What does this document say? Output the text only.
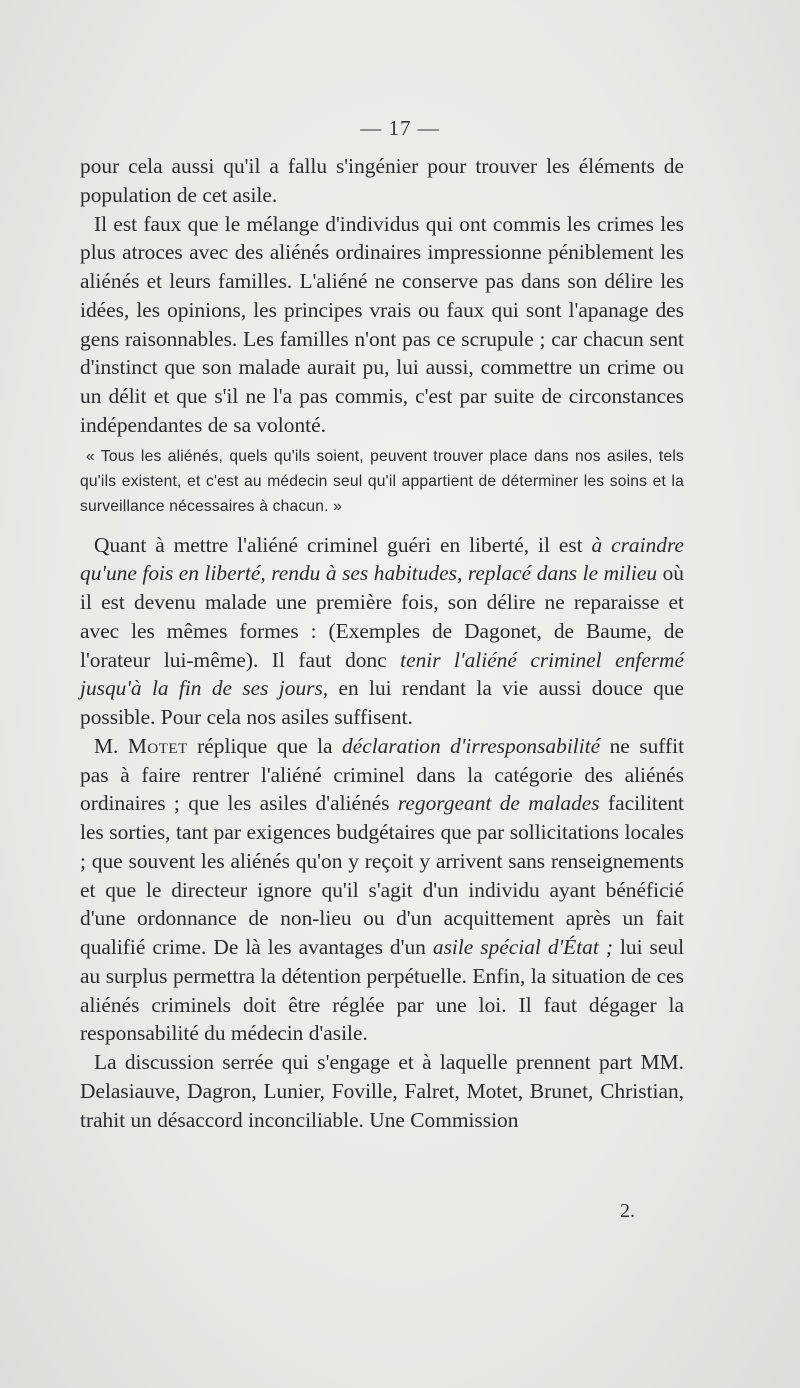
— 17 —

pour cela aussi qu'il a fallu s'ingénier pour trouver les éléments de population de cet asile.

Il est faux que le mélange d'individus qui ont commis les crimes les plus atroces avec des aliénés ordinaires impressionne péniblement les aliénés et leurs familles. L'aliéné ne conserve pas dans son délire les idées, les opinions, les principes vrais ou faux qui sont l'apanage des gens raisonnables. Les familles n'ont pas ce scrupule ; car chacun sent d'instinct que son malade aurait pu, lui aussi, commettre un crime ou un délit et que s'il ne l'a pas commis, c'est par suite de circonstances indépendantes de sa volonté.

« Tous les aliénés, quels qu'ils soient, peuvent trouver place dans nos asiles, tels qu'ils existent, et c'est au médecin seul qu'il appartient de déterminer les soins et la surveillance nécessaires à chacun. »

Quant à mettre l'aliéné criminel guéri en liberté, il est à craindre qu'une fois en liberté, rendu à ses habitudes, replacé dans le milieu où il est devenu malade une première fois, son délire ne reparaisse et avec les mêmes formes : (Exemples de Dagonet, de Baume, de l'orateur lui-même). Il faut donc tenir l'aliéné criminel enfermé jusqu'à la fin de ses jours, en lui rendant la vie aussi douce que possible. Pour cela nos asiles suffisent.

M. Motet réplique que la déclaration d'irresponsabilité ne suffit pas à faire rentrer l'aliéné criminel dans la catégorie des aliénés ordinaires ; que les asiles d'aliénés regorgeant de malades facilitent les sorties, tant par exigences budgétaires que par sollicitations locales ; que souvent les aliénés qu'on y reçoit y arrivent sans renseignements et que le directeur ignore qu'il s'agit d'un individu ayant bénéficié d'une ordonnance de non-lieu ou d'un acquittement après un fait qualifié crime. De là les avantages d'un asile spécial d'État ; lui seul au surplus permettra la détention perpétuelle. Enfin, la situation de ces aliénés criminels doit être réglée par une loi. Il faut dégager la responsabilité du médecin d'asile.

La discussion serrée qui s'engage et à laquelle prennent part MM. Delasiauve, Dagron, Lunier, Foville, Falret, Motet, Brunet, Christian, trahit un désaccord inconciliable. Une Commission

2.
